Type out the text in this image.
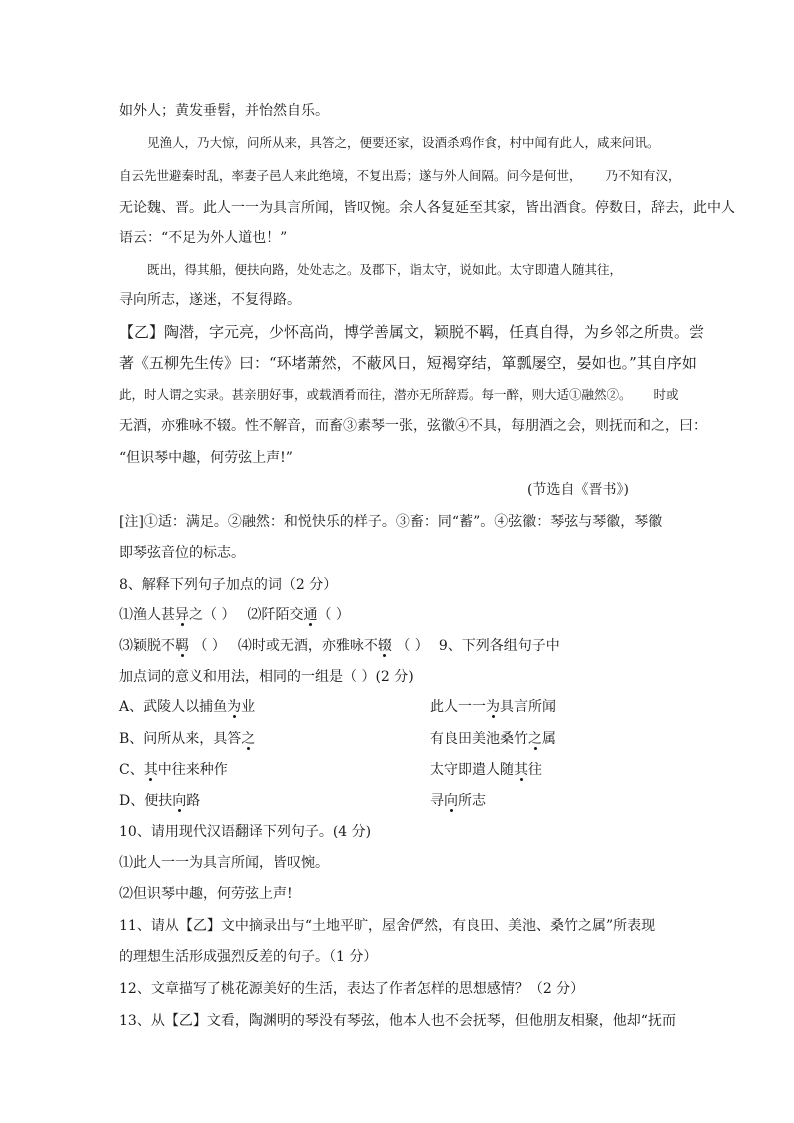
如外人；黄发垂髫，并怡然自乐。
见渔人，乃大惊，问所从来，具答之，便要还家，设酒杀鸡作食，村中闻有此人，咸来问讯。
自云先世避秦时乱，率妻子邑人来此绝境，不复出焉；遂与外人间隔。问今是何世， 乃不知有汉，
无论魏、晋。此人一一为具言所闻，皆叹惋。余人各复延至其家，皆出酒食。停数日，辞去，此中人
语云：“不足为外人道也！”
既出，得其船，便扶向路，处处志之。及郡下，诣太守，说如此。太守即遣人随其往，
寻向所志，遂迷，不复得路。
【乙】陶潜，字元亮，少怀高尚，博学善属文，颖脱不羁，任真自得，为乡邻之所贵。尝
著《五柳先生传》曰：“环堵萧然，不蔽风日，短褐穿结，箪瓢屡空，晏如也。”其自序如
此，时人谓之实录。甚亲朋好事，或载酒肴而往，潜亦无所辞焉。每一醉，则大适①融然②。 时或
无酒，亦雅咏不辍。性不解音，而畜③素琴一张，弦徽④不具，每朋酒之会，则抚而和之，曰：
“但识琴中趣，何劳弦上声!”
(节选自《晋书》)
[注]①适：满足。②融然：和悦快乐的样子。③畜：同“蓄”。④弦徽：琴弦与琴徽，琴徽
即琴弦音位的标志。
8、解释下列句子加点的词（2 分）
⑴渔人甚异之（ ） ⑵阡陌交通（ ）
⑶颖脱不羁 （ ） ⑷时或无酒，亦雅咏不辍 （ ） 9、下列各组句子中
加点词的意义和用法，相同的一组是（ ）(2 分)
A、武陵人以捕鱼为业	此人一一为具言所闻
B、问所从来，具答之	有良田美池桑竹之属
C、其中往来种作	太守即遣人随其往
D、便扶向路	寻向所志
10、请用现代汉语翻译下列句子。(4 分)
⑴此人一一为具言所闻，皆叹惋。
⑵但识琴中趣，何劳弦上声!
11、请从【乙】文中摘录出与“土地平旷，屋舍俨然，有良田、美池、桑竹之属”所表现
的理想生活形成强烈反差的句子。（1 分）
12、文章描写了桃花源美好的生活，表达了作者怎样的思想感情？（2 分）
13、从【乙】文看，陶渊明的琴没有琴弦，他本人也不会抚琴，但他朋友相聚，他却“抚而
